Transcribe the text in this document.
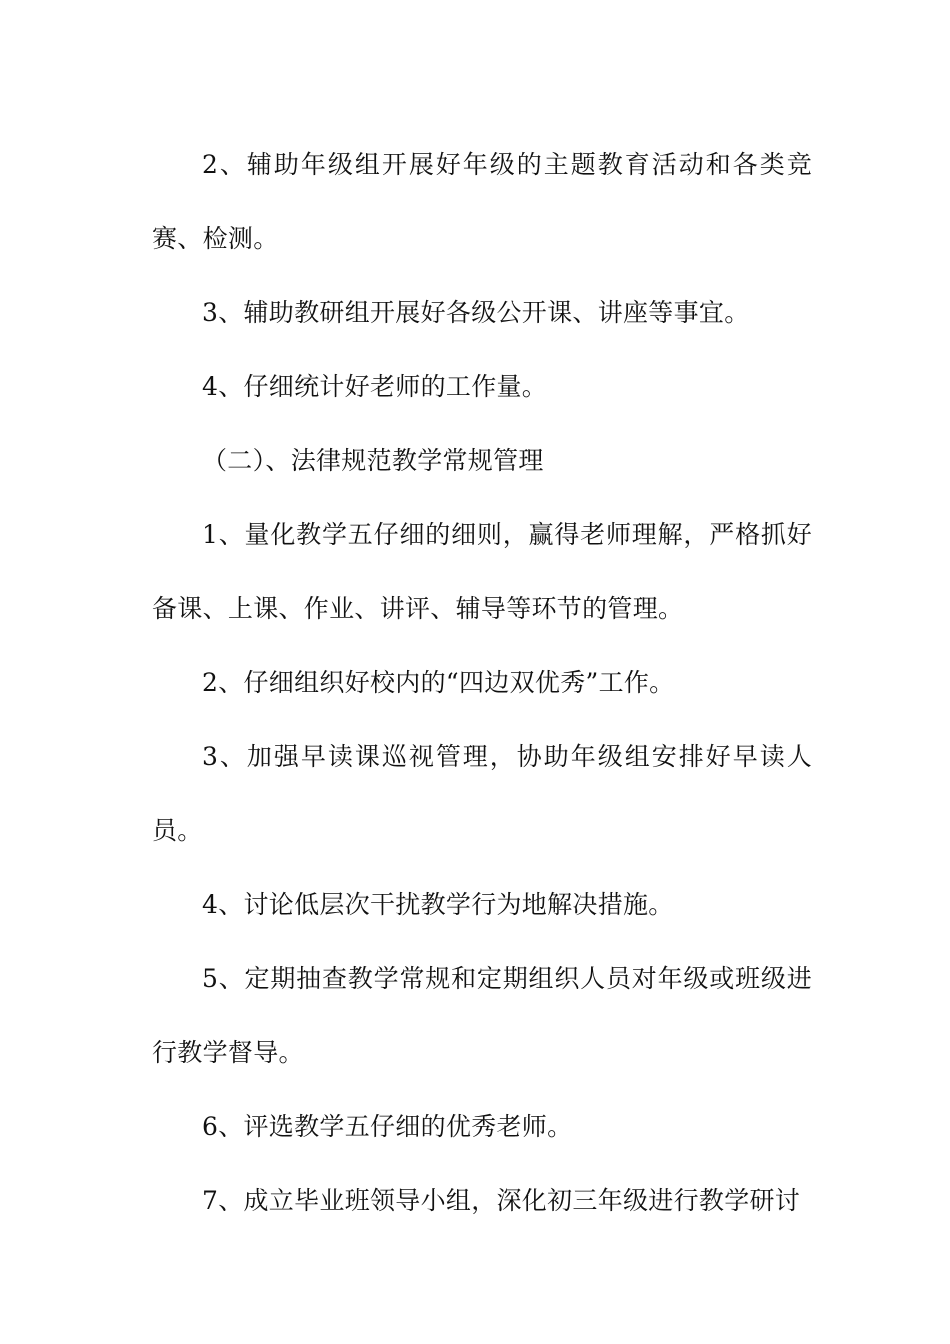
2、辅助年级组开展好年级的主题教育活动和各类竞赛、检测。

3、辅助教研组开展好各级公开课、讲座等事宜。

4、仔细统计好老师的工作量。

（二）、法律规范教学常规管理

1、量化教学五仔细的细则，赢得老师理解，严格抓好备课、上课、作业、讲评、辅导等环节的管理。

2、仔细组织好校内的“四边双优秀”工作。

3、加强早读课巡视管理，协助年级组安排好早读人员。

4、讨论低层次干扰教学行为地解决措施。

5、定期抽查教学常规和定期组织人员对年级或班级进行教学督导。

6、评选教学五仔细的优秀老师。

7、成立毕业班领导小组，深化初三年级进行教学研讨
